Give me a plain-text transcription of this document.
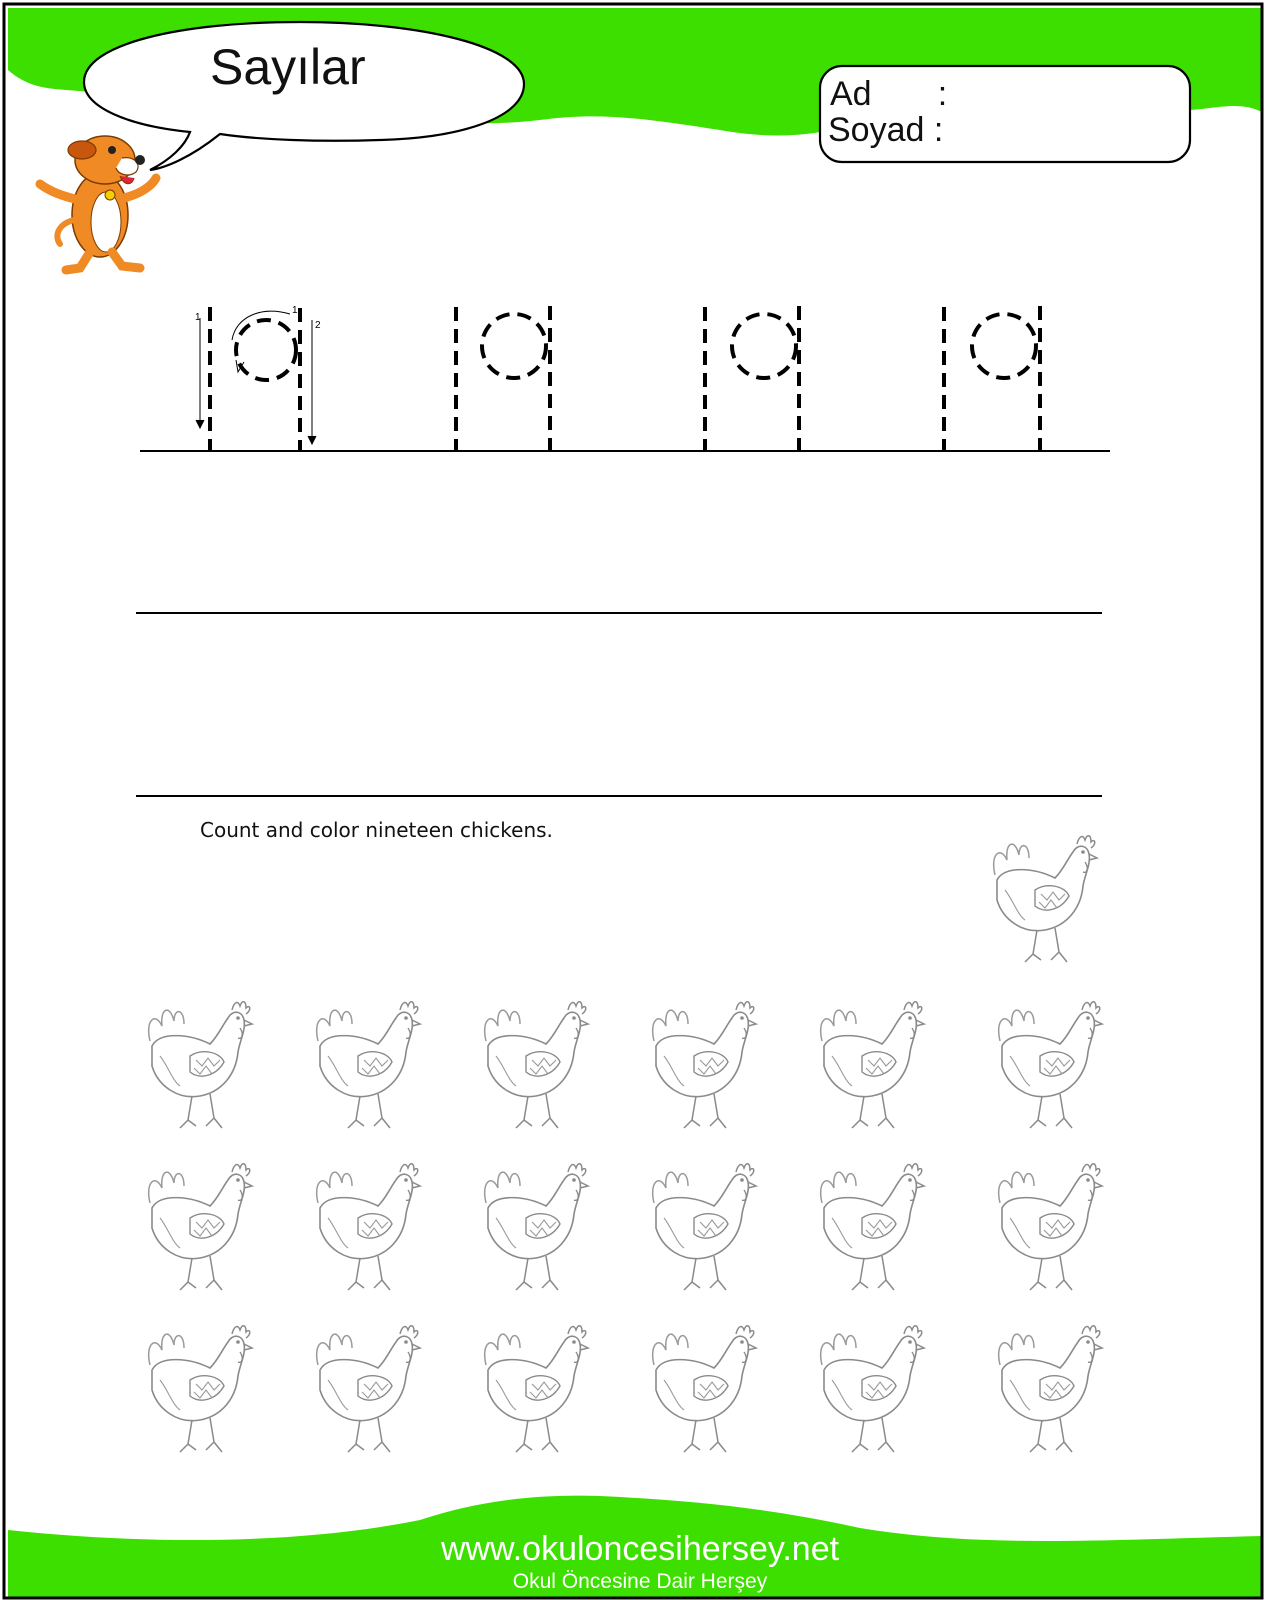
1
1
2
Sayılar	Ad       :
Soyad :
Count and color nineteen chickens.
www.okuloncesihersey.net
Okul Öncesine Dair Herşey
